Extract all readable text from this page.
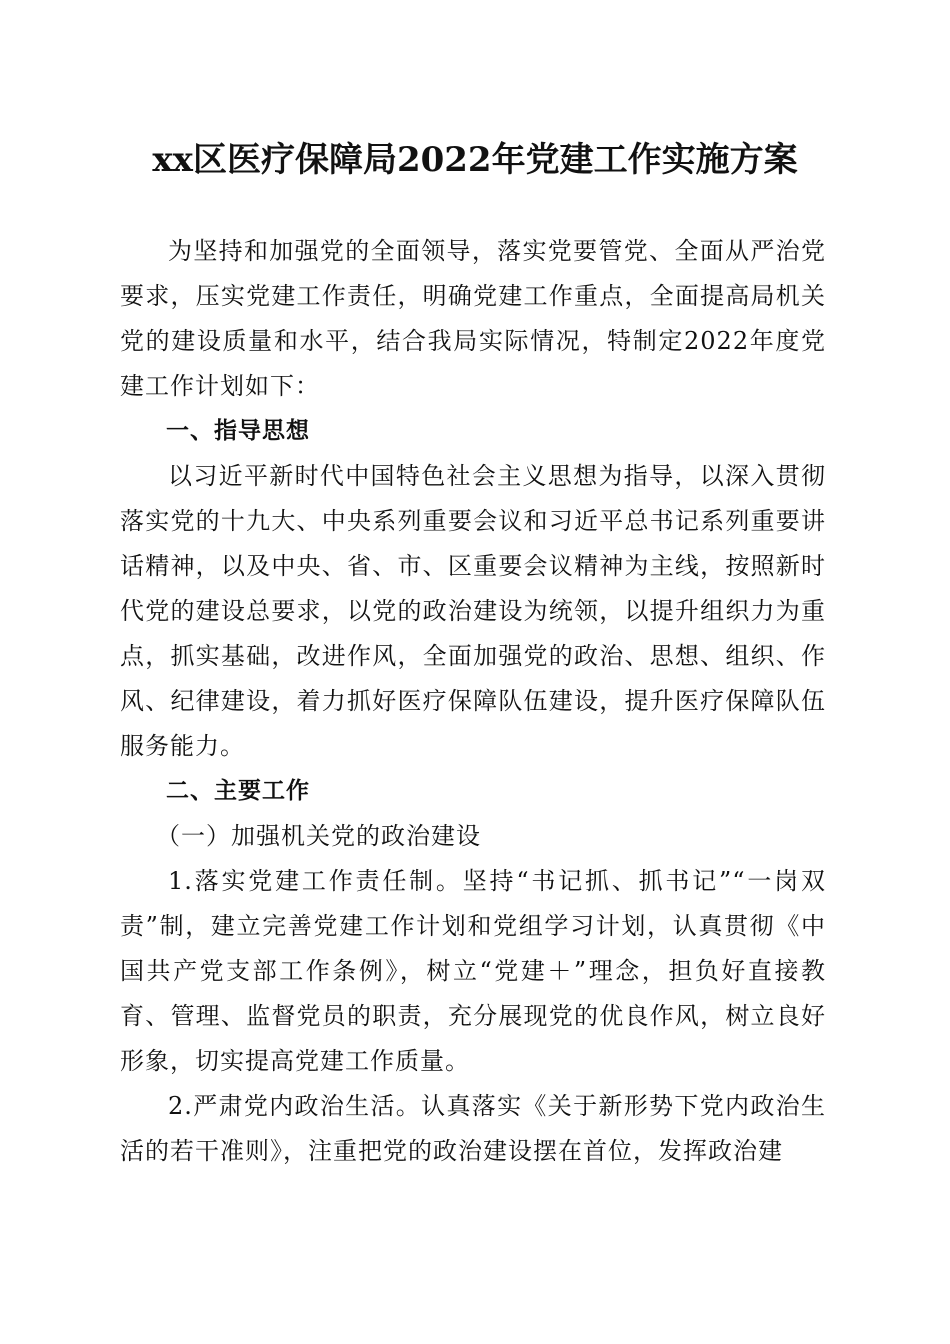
xx区医疗保障局2022年党建工作实施方案

为坚持和加强党的全面领导，落实党要管党、全面从严治党要求，压实党建工作责任，明确党建工作重点，全面提高局机关党的建设质量和水平，结合我局实际情况，特制定2022年度党建工作计划如下：

一、指导思想

以习近平新时代中国特色社会主义思想为指导，以深入贯彻落实党的十九大、中央系列重要会议和习近平总书记系列重要讲话精神，以及中央、省、市、区重要会议精神为主线，按照新时代党的建设总要求，以党的政治建设为统领，以提升组织力为重点，抓实基础，改进作风，全面加强党的政治、思想、组织、作风、纪律建设，着力抓好医疗保障队伍建设，提升医疗保障队伍服务能力。

二、主要工作

（一）加强机关党的政治建设

1.落实党建工作责任制。坚持“书记抓、抓书记”“一岗双责”制，建立完善党建工作计划和党组学习计划，认真贯彻《中国共产党支部工作条例》，树立“党建＋”理念，担负好直接教育、管理、监督党员的职责，充分展现党的优良作风，树立良好形象，切实提高党建工作质量。

2.严肃党内政治生活。认真落实《关于新形势下党内政治生活的若干准则》，注重把党的政治建设摆在首位，发挥政治建
